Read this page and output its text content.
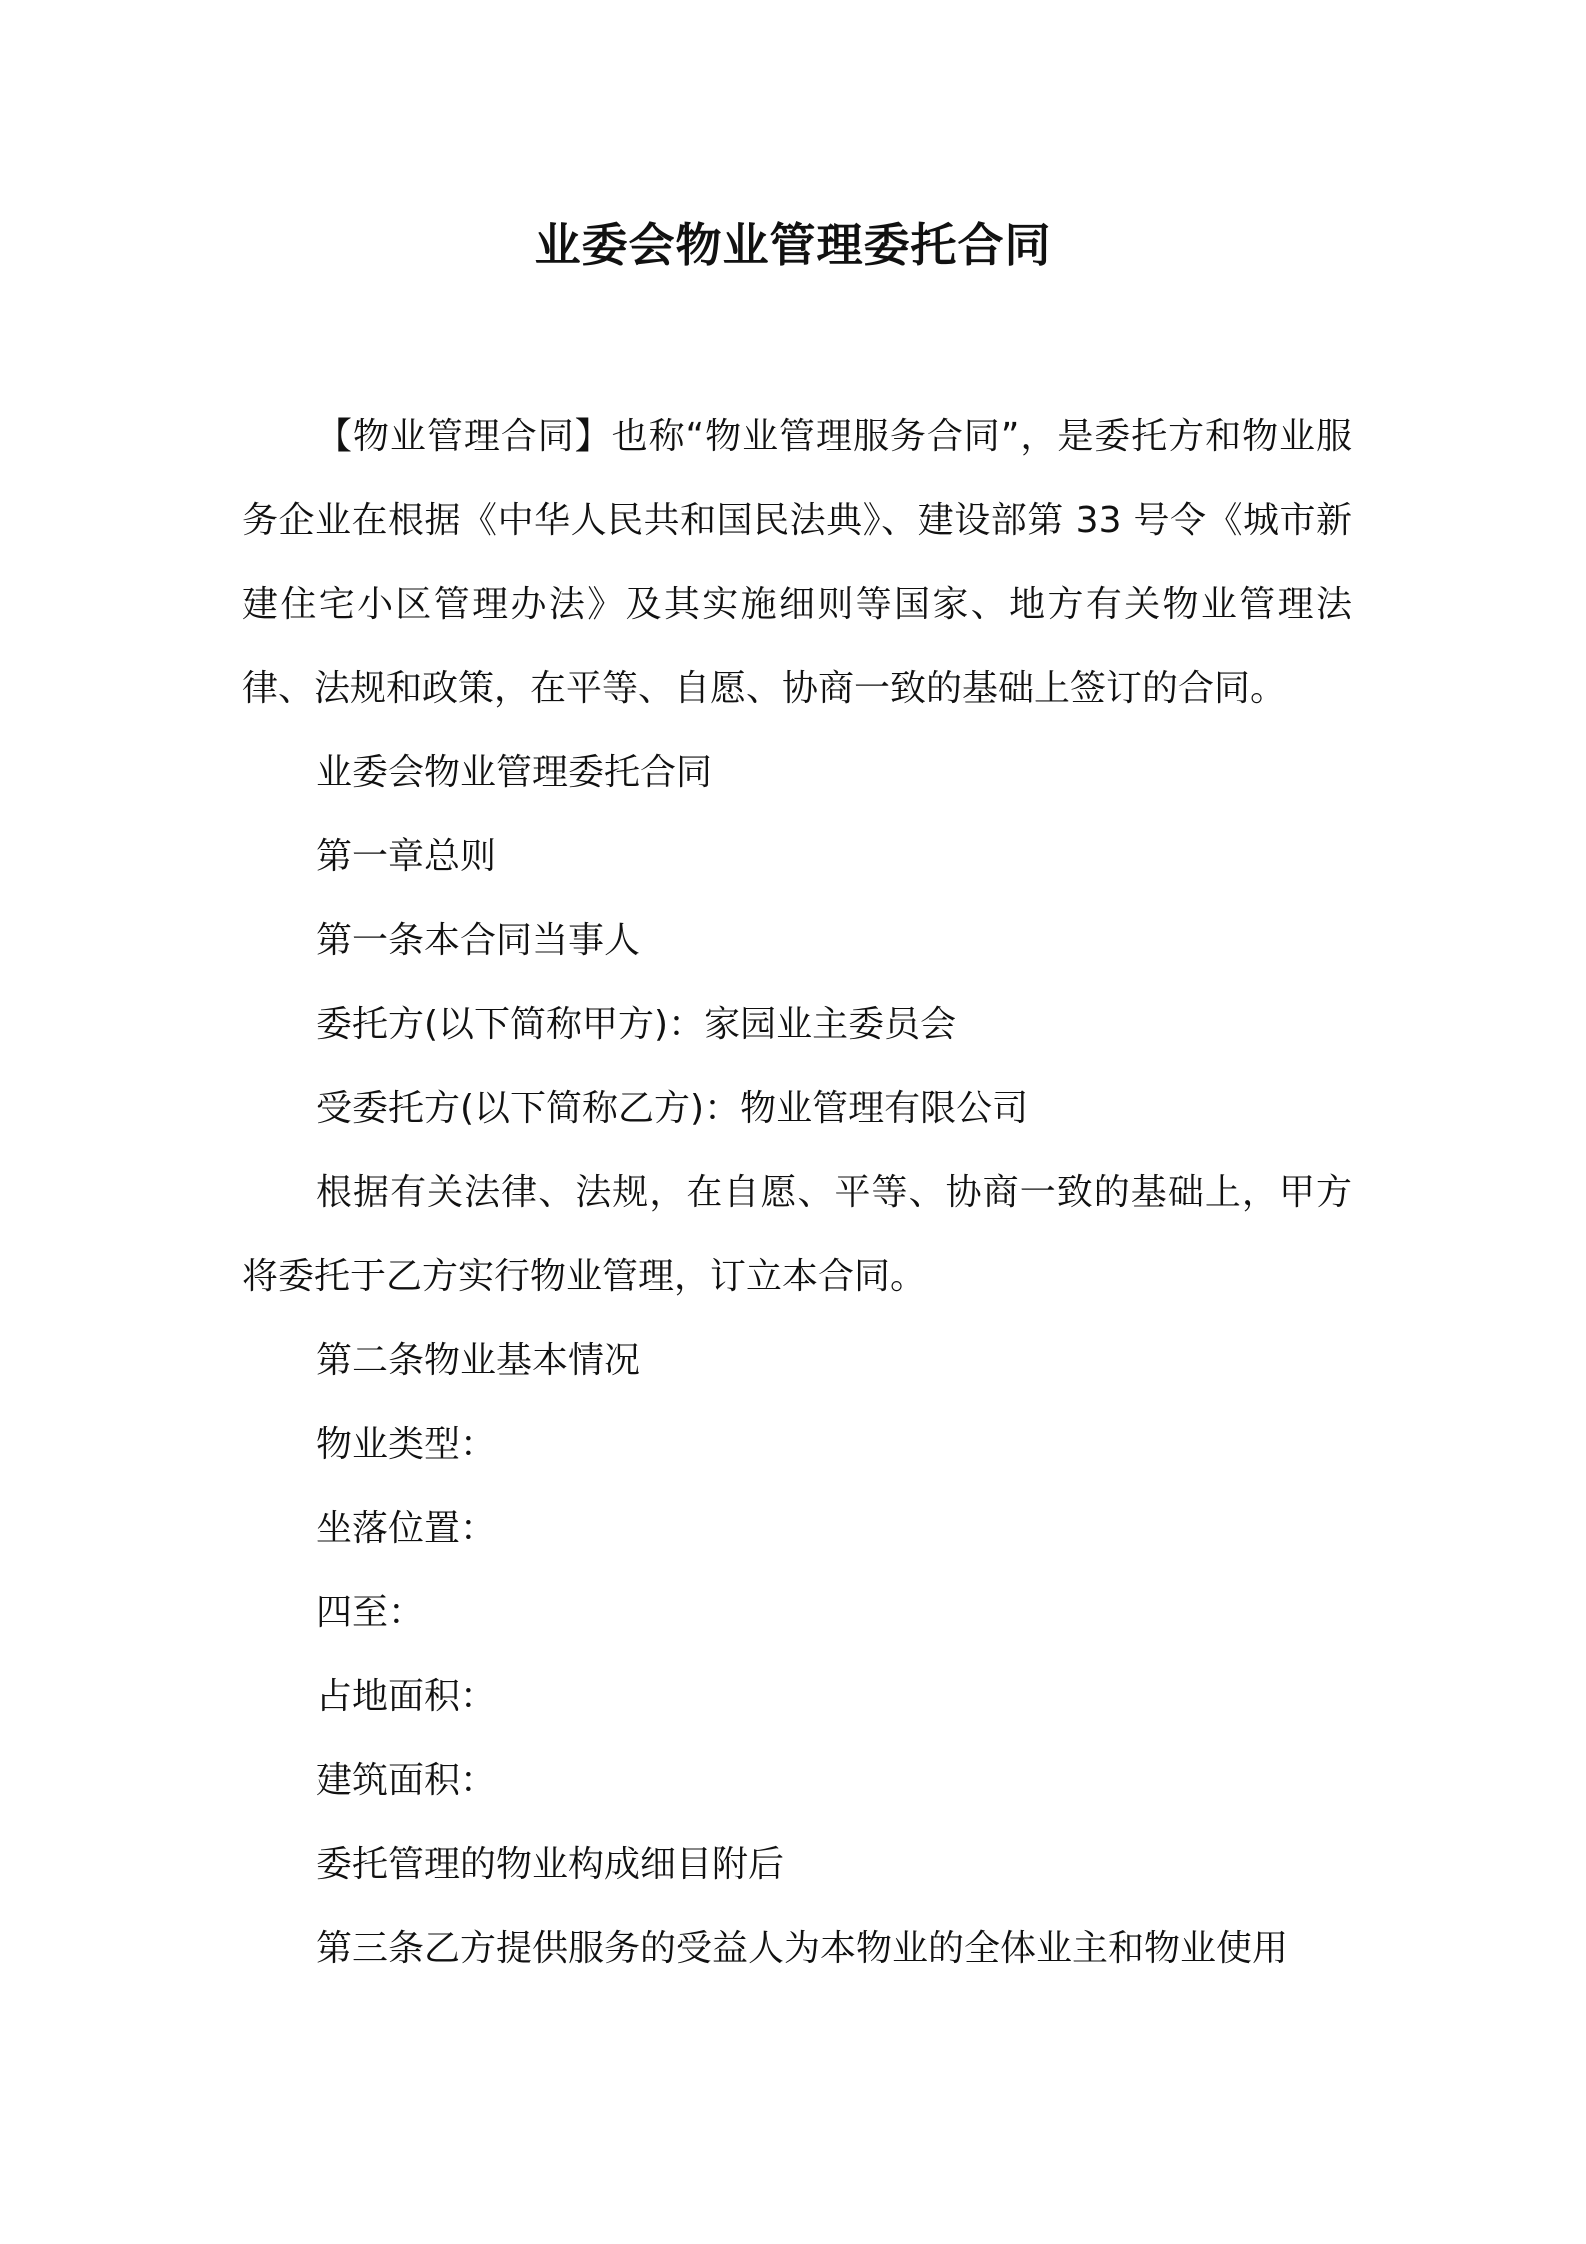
业委会物业管理委托合同

【物业管理合同】也称“物业管理服务合同”，是委托方和物业服务企业在根据《中华人民共和国民法典》、建设部第 33 号令《城市新建住宅小区管理办法》及其实施细则等国家、地方有关物业管理法律、法规和政策，在平等、自愿、协商一致的基础上签订的合同。

业委会物业管理委托合同

第一章总则

第一条本合同当事人

委托方(以下简称甲方)：家园业主委员会

受委托方(以下简称乙方)：物业管理有限公司

根据有关法律、法规，在自愿、平等、协商一致的基础上，甲方将委托于乙方实行物业管理，订立本合同。

第二条物业基本情况

物业类型：

坐落位置：

四至：

占地面积：

建筑面积：

委托管理的物业构成细目附后

第三条乙方提供服务的受益人为本物业的全体业主和物业使用
